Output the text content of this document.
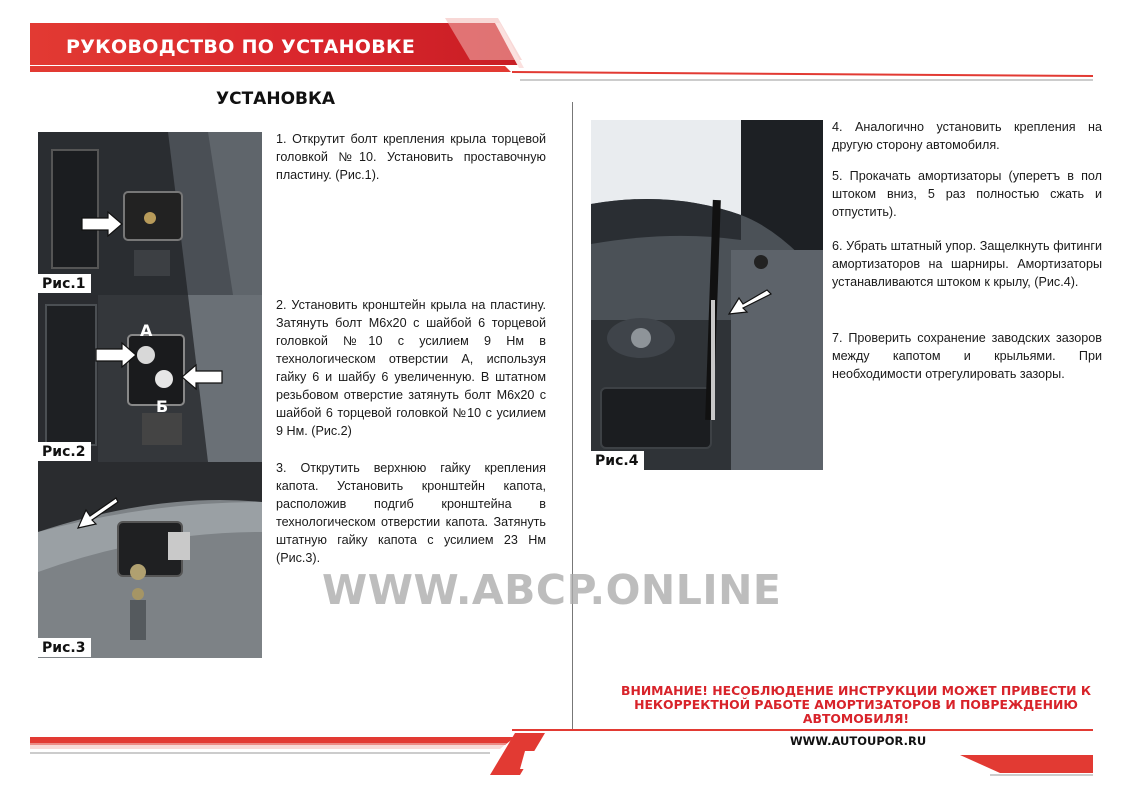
РУКОВОДСТВО ПО УСТАНОВКЕ
УСТАНОВКА
Рис.1
А
Б
Рис.2
Рис.3
Рис.4
1. Открутит болт крепления крыла торцевой головкой №10. Установить проставочную пластину. (Рис.1).
2. Установить кронштейн крыла на пластину. Затянуть болт М6х20 с шайбой 6 торцевой головкой №10 с усилием 9 Нм в технологическом отверстии А, используя гайку 6 и шайбу 6 увеличенную. В штатном резьбовом отверстие затянуть болт М6х20 с шайбой 6 торцевой головкой №10 с усилием 9 Нм. (Рис.2)
3. Открутить верхнюю гайку крепления капота. Установить кронштейн капота, расположив подгиб кронштейна в технологическом отверстии капота. Затянуть штатную гайку капота с усилием 23 Нм (Рис.3).
4. Аналогично установить крепления на другую сторону автомобиля.
5. Прокачать амортизаторы (уперетъ в пол штоком вниз, 5 раз полностью сжать и отпустить).
6. Убрать штатный упор. Защелкнуть фитинги амортизаторов на шарниры. Амортизаторы устанавливаются штоком к крылу, (Рис.4).
7. Проверить сохранение заводских зазоров между капотом и крыльями. При необходимости отрегулировать зазоры.
WWW.ABCP.ONLINE
ВНИМАНИЕ! НЕСОБЛЮДЕНИЕ ИНСТРУКЦИИ МОЖЕТ ПРИВЕСТИ К НЕКОРРЕКТНОЙ РАБОТЕ АМОРТИЗАТОРОВ И ПОВРЕЖДЕНИЮ АВТОМОБИЛЯ!
WWW.AUTOUPOR.RU
